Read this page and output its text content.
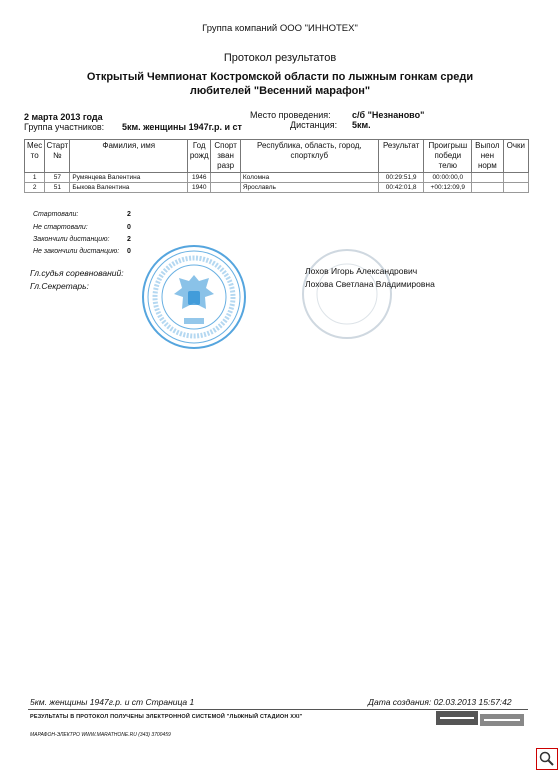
Группа компаний ООО "ИННОТЕХ"
Протокол результатов
Открытый Чемпионат Костромской области по лыжным гонкам среди
любителей "Весенний марафон"
2 марта 2013 года
Группа участников: 5км. женщины 1947г.р. и ст
Место проведения: с/б "Незнаново"
Дистанция: 5км.
Мес то	Старт №	Фамилия, имя	Год рожд	Спорт зван разр	Республика, область, город, спортклуб	Результат	Проигрыш победи телю	Выпол нен норм	Очки
1	57	Румянцева Валентина	1946		Коломна	00:29:51,9	00:00:00,0		
2	51	Быкова Валентина	1940		Ярославль	00:42:01,8	+00:12:09,9		
Стартовали:	2
Не стартовали:	0
Закончили дистанцию:	2
Не закончили дистанцию: 0
Гл.судья соревнований:	Лохов Игорь Александрович
Гл.Секретарь:	Лохова Светлана Владимировна
5км. женщины 1947г.р. и ст Страница 1	Дата создания: 02.03.2013 15:57:42
РЕЗУЛЬТАТЫ В ПРОТОКОЛ ПОЛУЧЕНЫ ЭЛЕКТРОННОЙ СИСТЕМОЙ "ЛЫЖНЫЙ СТАДИОН XXI"
МАРАФОН-ЭЛЕКТРО WWW.MARATHONE.RU (343) 3700459
